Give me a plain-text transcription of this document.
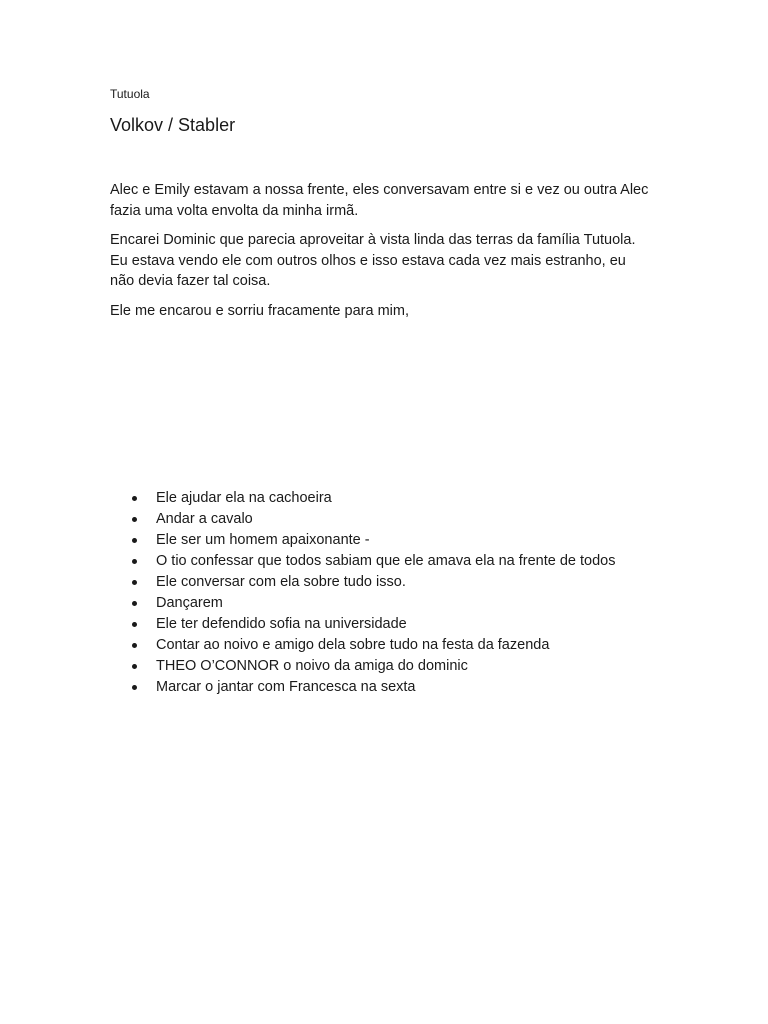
Tutuola
Volkov / Stabler

Alec e Emily estavam a nossa frente, eles conversavam entre si e vez ou outra Alec fazia uma volta envolta da minha irmã.

Encarei Dominic que parecia aproveitar à vista linda das terras da família Tutuola. Eu estava vendo ele com outros olhos e isso estava cada vez mais estranho, eu não devia fazer tal coisa.

Ele me encarou e sorriu fracamente para mim,

Ele ajudar ela na cachoeira
Andar a cavalo
Ele ser um homem apaixonante -
O tio confessar que todos sabiam que ele amava ela na frente de todos
Ele conversar com ela sobre tudo isso.
Dançarem
Ele ter defendido sofia na universidade
Contar ao noivo e amigo dela sobre tudo na festa da fazenda
THEO O’CONNOR o noivo da amiga do dominic
Marcar o jantar com Francesca na sexta
